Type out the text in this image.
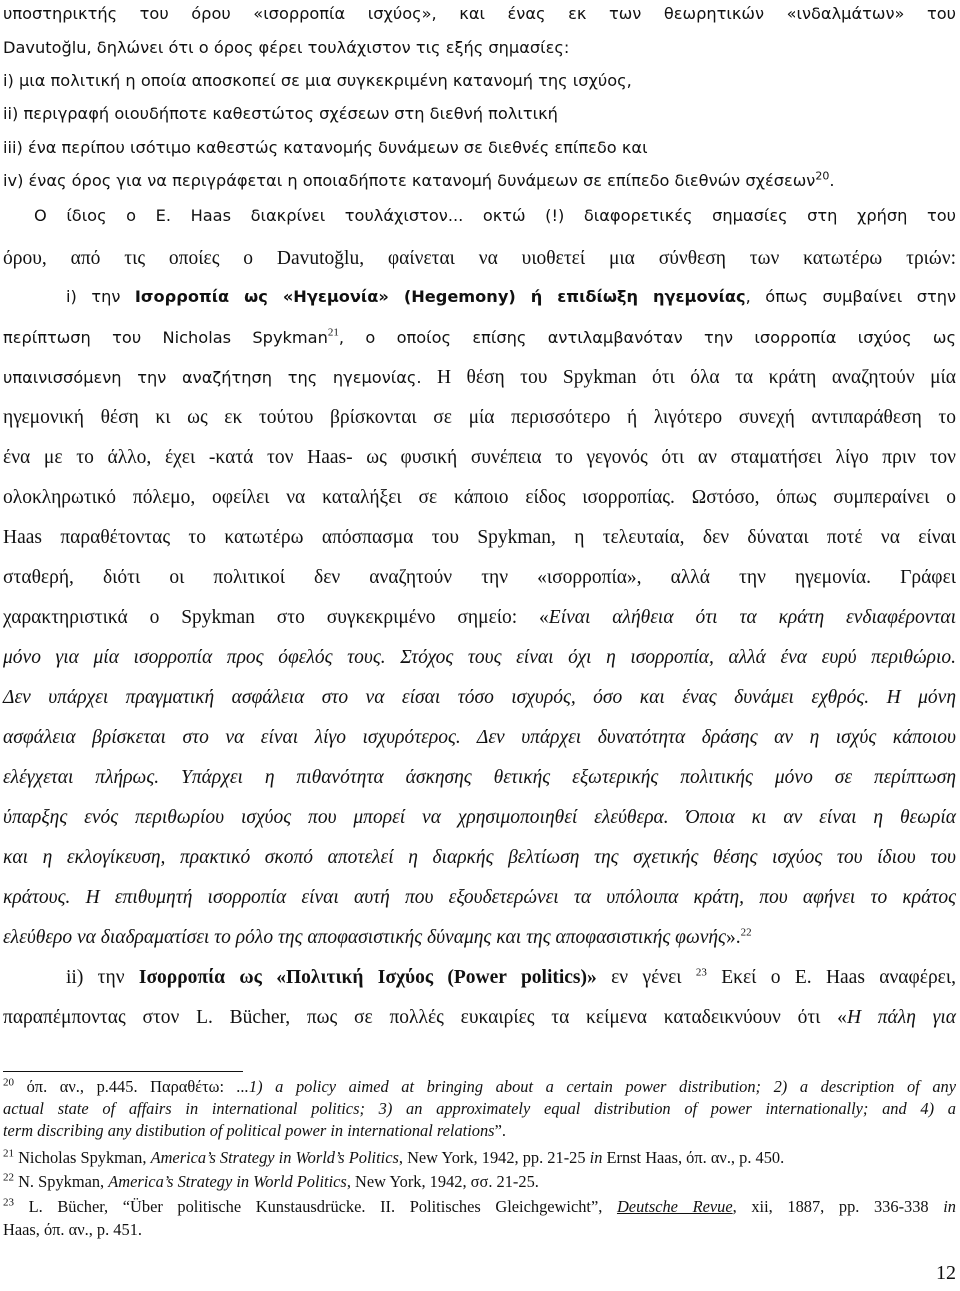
υποστηρικτής του όρου «ισορροπία ισχύος», και ένας εκ των θεωρητικών «ινδαλμάτων» του
Davutoğlu, δηλώνει ότι ο όρος φέρει τουλάχιστον τις εξής σημασίες:
i) μια πολιτική η οποία αποσκοπεί σε μια συγκεκριμένη κατανομή της ισχύος,
ii) περιγραφή οιουδήποτε καθεστώτος σχέσεων στη διεθνή πολιτική
iii) ένα περίπου ισότιμο καθεστώς κατανομής δυνάμεων σε διεθνές επίπεδο και
iv) ένας όρος για να περιγράφεται η οποιαδήποτε κατανομή δυνάμεων σε επίπεδο διεθνών σχέσεων$^{20}$.
Ο ίδιος ο Ε. Haas διακρίνει τουλάχιστον... οκτώ (!) διαφορετικές σημασίες στη χρήση του
όρου, από τις οποίες ο Davutoğlu, φαίνεται να υιοθετεί μια σύνθεση των κατωτέρω τριών:
i) την Ισορροπία ως «Ηγεμονία» (Hegemony) ή επιδίωξη ηγεμονίας, όπως συμβαίνει στην
περίπτωση του Nicholas Spykman$^{21}$, ο οποίος επίσης αντιλαμβανόταν την ισορροπία ισχύος ως
υπαινισσόμενη την αναζήτηση της ηγεμονίας. Η θέση του Spykman ότι όλα τα κράτη αναζητούν μία
ηγεμονική θέση κι ως εκ τούτου βρίσκονται σε μία περισσότερο ή λιγότερο συνεχή αντιπαράθεση το
ένα με το άλλο, έχει -κατά τον Haas- ως φυσική συνέπεια το γεγονός ότι αν σταματήσει λίγο πριν τον
ολοκληρωτικό πόλεμο, οφείλει να καταλήξει σε κάποιο είδος ισορροπίας. Ωστόσο, όπως συμπεραίνει ο
Haas παραθέτοντας το κατωτέρω απόσπασμα του Spykman, η τελευταία, δεν δύναται ποτέ να είναι
σταθερή, διότι οι πολιτικοί δεν αναζητούν την «ισορροπία», αλλά την ηγεμονία. Γράφει
χαρακτηριστικά ο Spykman στο συγκεκριμένο σημείο: «Είναι αλήθεια ότι τα κράτη ενδιαφέρονται
μόνο για μία ισορροπία προς όφελός τους. Στόχος τους είναι όχι η ισορροπία, αλλά ένα ευρύ περιθώριο.
Δεν υπάρχει πραγματική ασφάλεια στο να είσαι τόσο ισχυρός, όσο και ένας δυνάμει εχθρός. Η μόνη
ασφάλεια βρίσκεται στο να είναι λίγο ισχυρότερος. Δεν υπάρχει δυνατότητα δράσης αν η ισχύς κάποιου
ελέγχεται πλήρως. Υπάρχει η πιθανότητα άσκησης θετικής εξωτερικής πολιτικής μόνο σε περίπτωση
ύπαρξης ενός περιθωρίου ισχύος που μπορεί να χρησιμοποιηθεί ελεύθερα. Όποια κι αν είναι η θεωρία
και η εκλογίκευση, πρακτικό σκοπό αποτελεί η διαρκής βελτίωση της σχετικής θέσης ισχύος του ίδιου του
κράτους. Η επιθυμητή ισορροπία είναι αυτή που εξουδετερώνει τα υπόλοιπα κράτη, που αφήνει το κράτος
ελεύθερο να διαδραματίσει το ρόλο της αποφασιστικής δύναμης και της αποφασιστικής φωνής».$^{22}$
ii) την Ισορροπία ως «Πολιτική Ισχύος (Power politics)» εν γένει $^{23}$ Εκεί ο Ε. Haas αναφέρει,
παραπέμποντας στον L. Bücher, πως σε πολλές ευκαιρίες τα κείμενα καταδεικνύουν ότι «Η πάλη για
$^{20}$ όπ. αν., p.445. Παραθέτω: ...1) a policy aimed at bringing about a certain power distribution; 2) a description of any
actual state of affairs in international politics; 3) an approximately equal distribution of power internationally; and 4) a
term discribing any distibution of political power in international relations”.
$^{21}$ Nicholas Spykman, America’s Strategy in World’s Politics, New York, 1942, pp. 21-25 in Ernst Haas, όπ. αν., p. 450.
$^{22}$ N. Spykman, America’s Strategy in World Politics, New York, 1942, σσ. 21-25.
$^{23}$ L. Bücher, “Über politische Kunstausdrücke. II. Politisches Gleichgewicht”, Deutsche Revue, xii, 1887, pp. 336-338 in
Haas, όπ. αν., p. 451.
12
